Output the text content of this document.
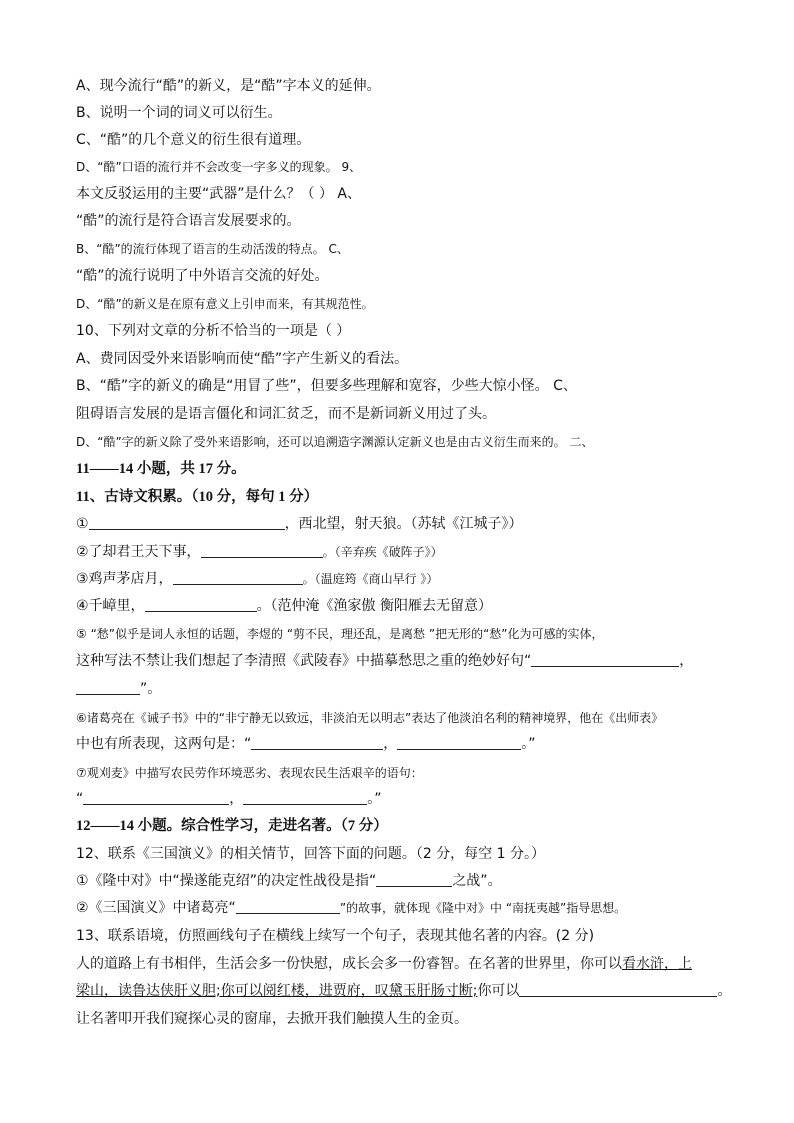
A、现今流行“酷”的新义，是“酷”字本义的延伸。
B、说明一个词的词义可以衍生。
C、“酷”的几个意义的衍生很有道理。
D、“酷”口语的流行并不会改变一字多义的现象。 9、
本文反驳运用的主要“武器”是什么？（ ） A、
“酷”的流行是符合语言发展要求的。
B、“酷”的流行体现了语言的生动活泼的特点。 C、
“酷”的流行说明了中外语言交流的好处。
D、“酷”的新义是在原有意义上引申而来，有其规范性。
10、下列对文章的分析不恰当的一项是（ ）
A、费同因受外来语影响而使“酷”字产生新义的看法。
B、“酷”字的新义的确是“用冒了些”，但要多些理解和宽容，少些大惊小怪。 C、
阻碍语言发展的是语言僵化和词汇贫乏，而不是新词新义用过了头。
D、“酷”字的新义除了受外来语影响，还可以追溯造字渊源认定新义也是由古义衍生而来的。 二、
11——14 小题，共 17 分。
11、古诗文积累。（10 分，每句 1 分）
①	，西北望，射天狼。（苏轼《江城子》）
②了却君王天下事，	。（辛弃疾《破阵子》）
③鸡声茅店月，	。（温庭筠《商山早行 》）
④千嶂里，	。（范仲淹《渔家傲 衡阳雁去无留意）
⑤ “愁”似乎是词人永恒的话题，李煜的 “剪不民，理还乱，是离愁 ”把无形的“愁”化为可感的实体，
这种写法不禁让我们想起了李清照《武陵春》中描摹愁思之重的绝妙好句“	，
”。
⑥诸葛亮在《诫子书》中的“非宁静无以致远，非淡泊无以明志”表达了他淡泊名利的精神境界，他在《出师表》
中也有所表现，这两句是：“	，	。”
⑦观刈麦》中描写农民劳作环境恶劣、表现农民生活艰辛的语句：
“	，	。”
12——14 小题。综合性学习，走进名著。（7 分）
12、联系《三国演义》的相关情节，回答下面的问题。（2 分，每空 1 分。）
①《隆中对》中“操遂能克绍”的决定性战役是指“	之战”。
②《三国演义》中诸葛亮“	”的故事，就体现《隆中对》中 “南抚夷越”指导思想。
13、联系语境，仿照画线句子在横线上续写一个句子，表现其他名著的内容。(2 分)
人的道路上有书相伴，生活会多一份快慰，成长会多一份睿智。在名著的世界里，你可以看水浒，上
梁山，读鲁达侠肝义胆;你可以阅红楼，进贾府，叹黛玉肝肠寸断;你可以	。
让名著叩开我们窥探心灵的窗扉，去掀开我们触摸人生的金页。
